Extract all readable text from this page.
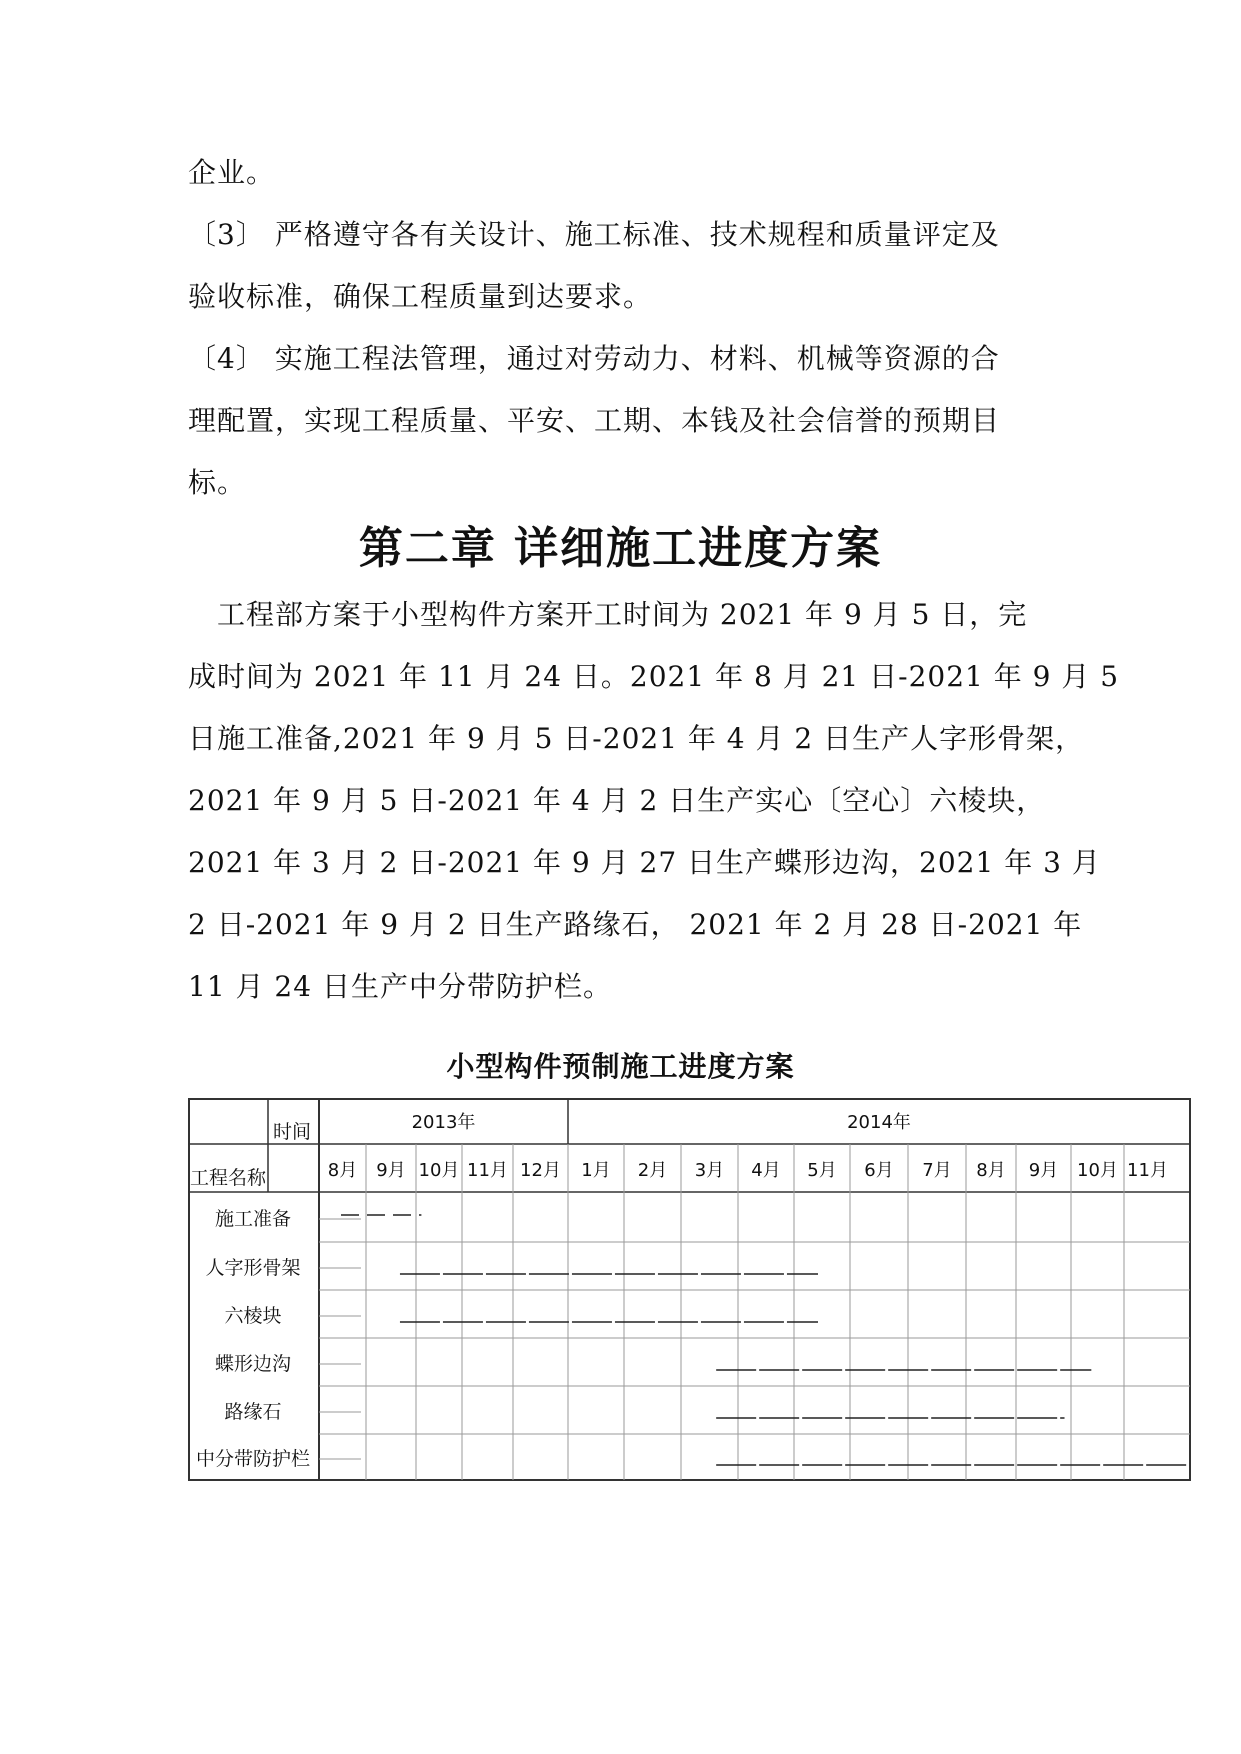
企业。
〔3〕 严格遵守各有关设计、施工标准、技术规程和质量评定及
验收标准，确保工程质量到达要求。
〔4〕 实施工程法管理，通过对劳动力、材料、机械等资源的合
理配置，实现工程质量、平安、工期、本钱及社会信誉的预期目
标。
第二章 详细施工进度方案
　工程部方案于小型构件方案开工时间为 2021 年 9 月 5 日，完
成时间为 2021 年 11 月 24 日。2021 年 8 月 21 日-2021 年 9 月 5
日施工准备,2021 年 9 月 5 日-2021 年 4 月 2 日生产人字形骨架，
2021 年 9 月 5 日-2021 年 4 月 2 日生产实心〔空心〕六棱块，
2021 年 3 月 2 日-2021 年 9 月 27 日生产蝶形边沟，2021 年 3 月
2 日-2021 年 9 月 2 日生产路缘石， 2021 年 2 月 28 日-2021 年
11 月 24 日生产中分带防护栏。
小型构件预制施工进度方案
时间
工程名称
2013年	2014年
8月 9月 10月 11月 12月 1月 2月 3月 4月 5月 6月 7月 8月 9月 10月 11月
施工准备
人字形骨架
六棱块
蝶形边沟
路缘石
中分带防护栏
